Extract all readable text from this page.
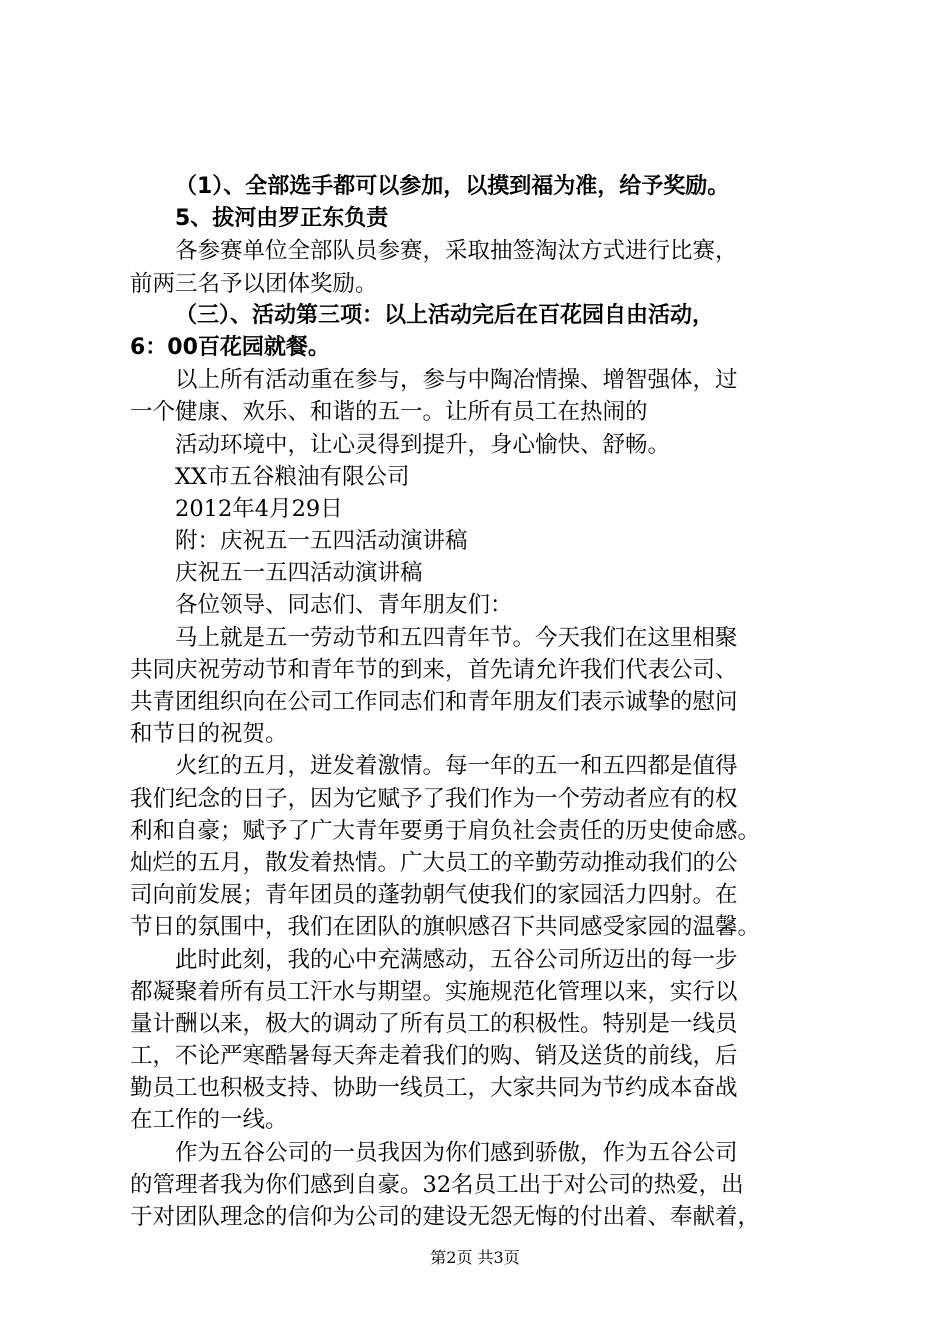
（1）、全部选手都可以参加，以摸到福为准，给予奖励。
5、拔河由罗正东负责
各参赛单位全部队员参赛，采取抽签淘汰方式进行比赛，
前两三名予以团体奖励。
（三）、活动第三项：以上活动完后在百花园自由活动，
6：00百花园就餐。
以上所有活动重在参与，参与中陶冶情操、增智强体，过
一个健康、欢乐、和谐的五一。让所有员工在热闹的
活动环境中，让心灵得到提升，身心愉快、舒畅。
XX市五谷粮油有限公司
2012年4月29日
附：庆祝五一五四活动演讲稿
庆祝五一五四活动演讲稿
各位领导、同志们、青年朋友们：
马上就是五一劳动节和五四青年节。今天我们在这里相聚
共同庆祝劳动节和青年节的到来，首先请允许我们代表公司、
共青团组织向在公司工作同志们和青年朋友们表示诚挚的慰问
和节日的祝贺。
火红的五月，迸发着激情。每一年的五一和五四都是值得
我们纪念的日子，因为它赋予了我们作为一个劳动者应有的权
利和自豪；赋予了广大青年要勇于肩负社会责任的历史使命感。
灿烂的五月，散发着热情。广大员工的辛勤劳动推动我们的公
司向前发展；青年团员的蓬勃朝气使我们的家园活力四射。在
节日的氛围中，我们在团队的旗帜感召下共同感受家园的温馨。
此时此刻，我的心中充满感动，五谷公司所迈出的每一步
都凝聚着所有员工汗水与期望。实施规范化管理以来，实行以
量计酬以来，极大的调动了所有员工的积极性。特别是一线员
工，不论严寒酷暑每天奔走着我们的购、销及送货的前线，后
勤员工也积极支持、协助一线员工，大家共同为节约成本奋战
在工作的一线。
作为五谷公司的一员我因为你们感到骄傲，作为五谷公司
的管理者我为你们感到自豪。32名员工出于对公司的热爱，出
于对团队理念的信仰为公司的建设无怨无悔的付出着、奉献着，
第2页 共3页
